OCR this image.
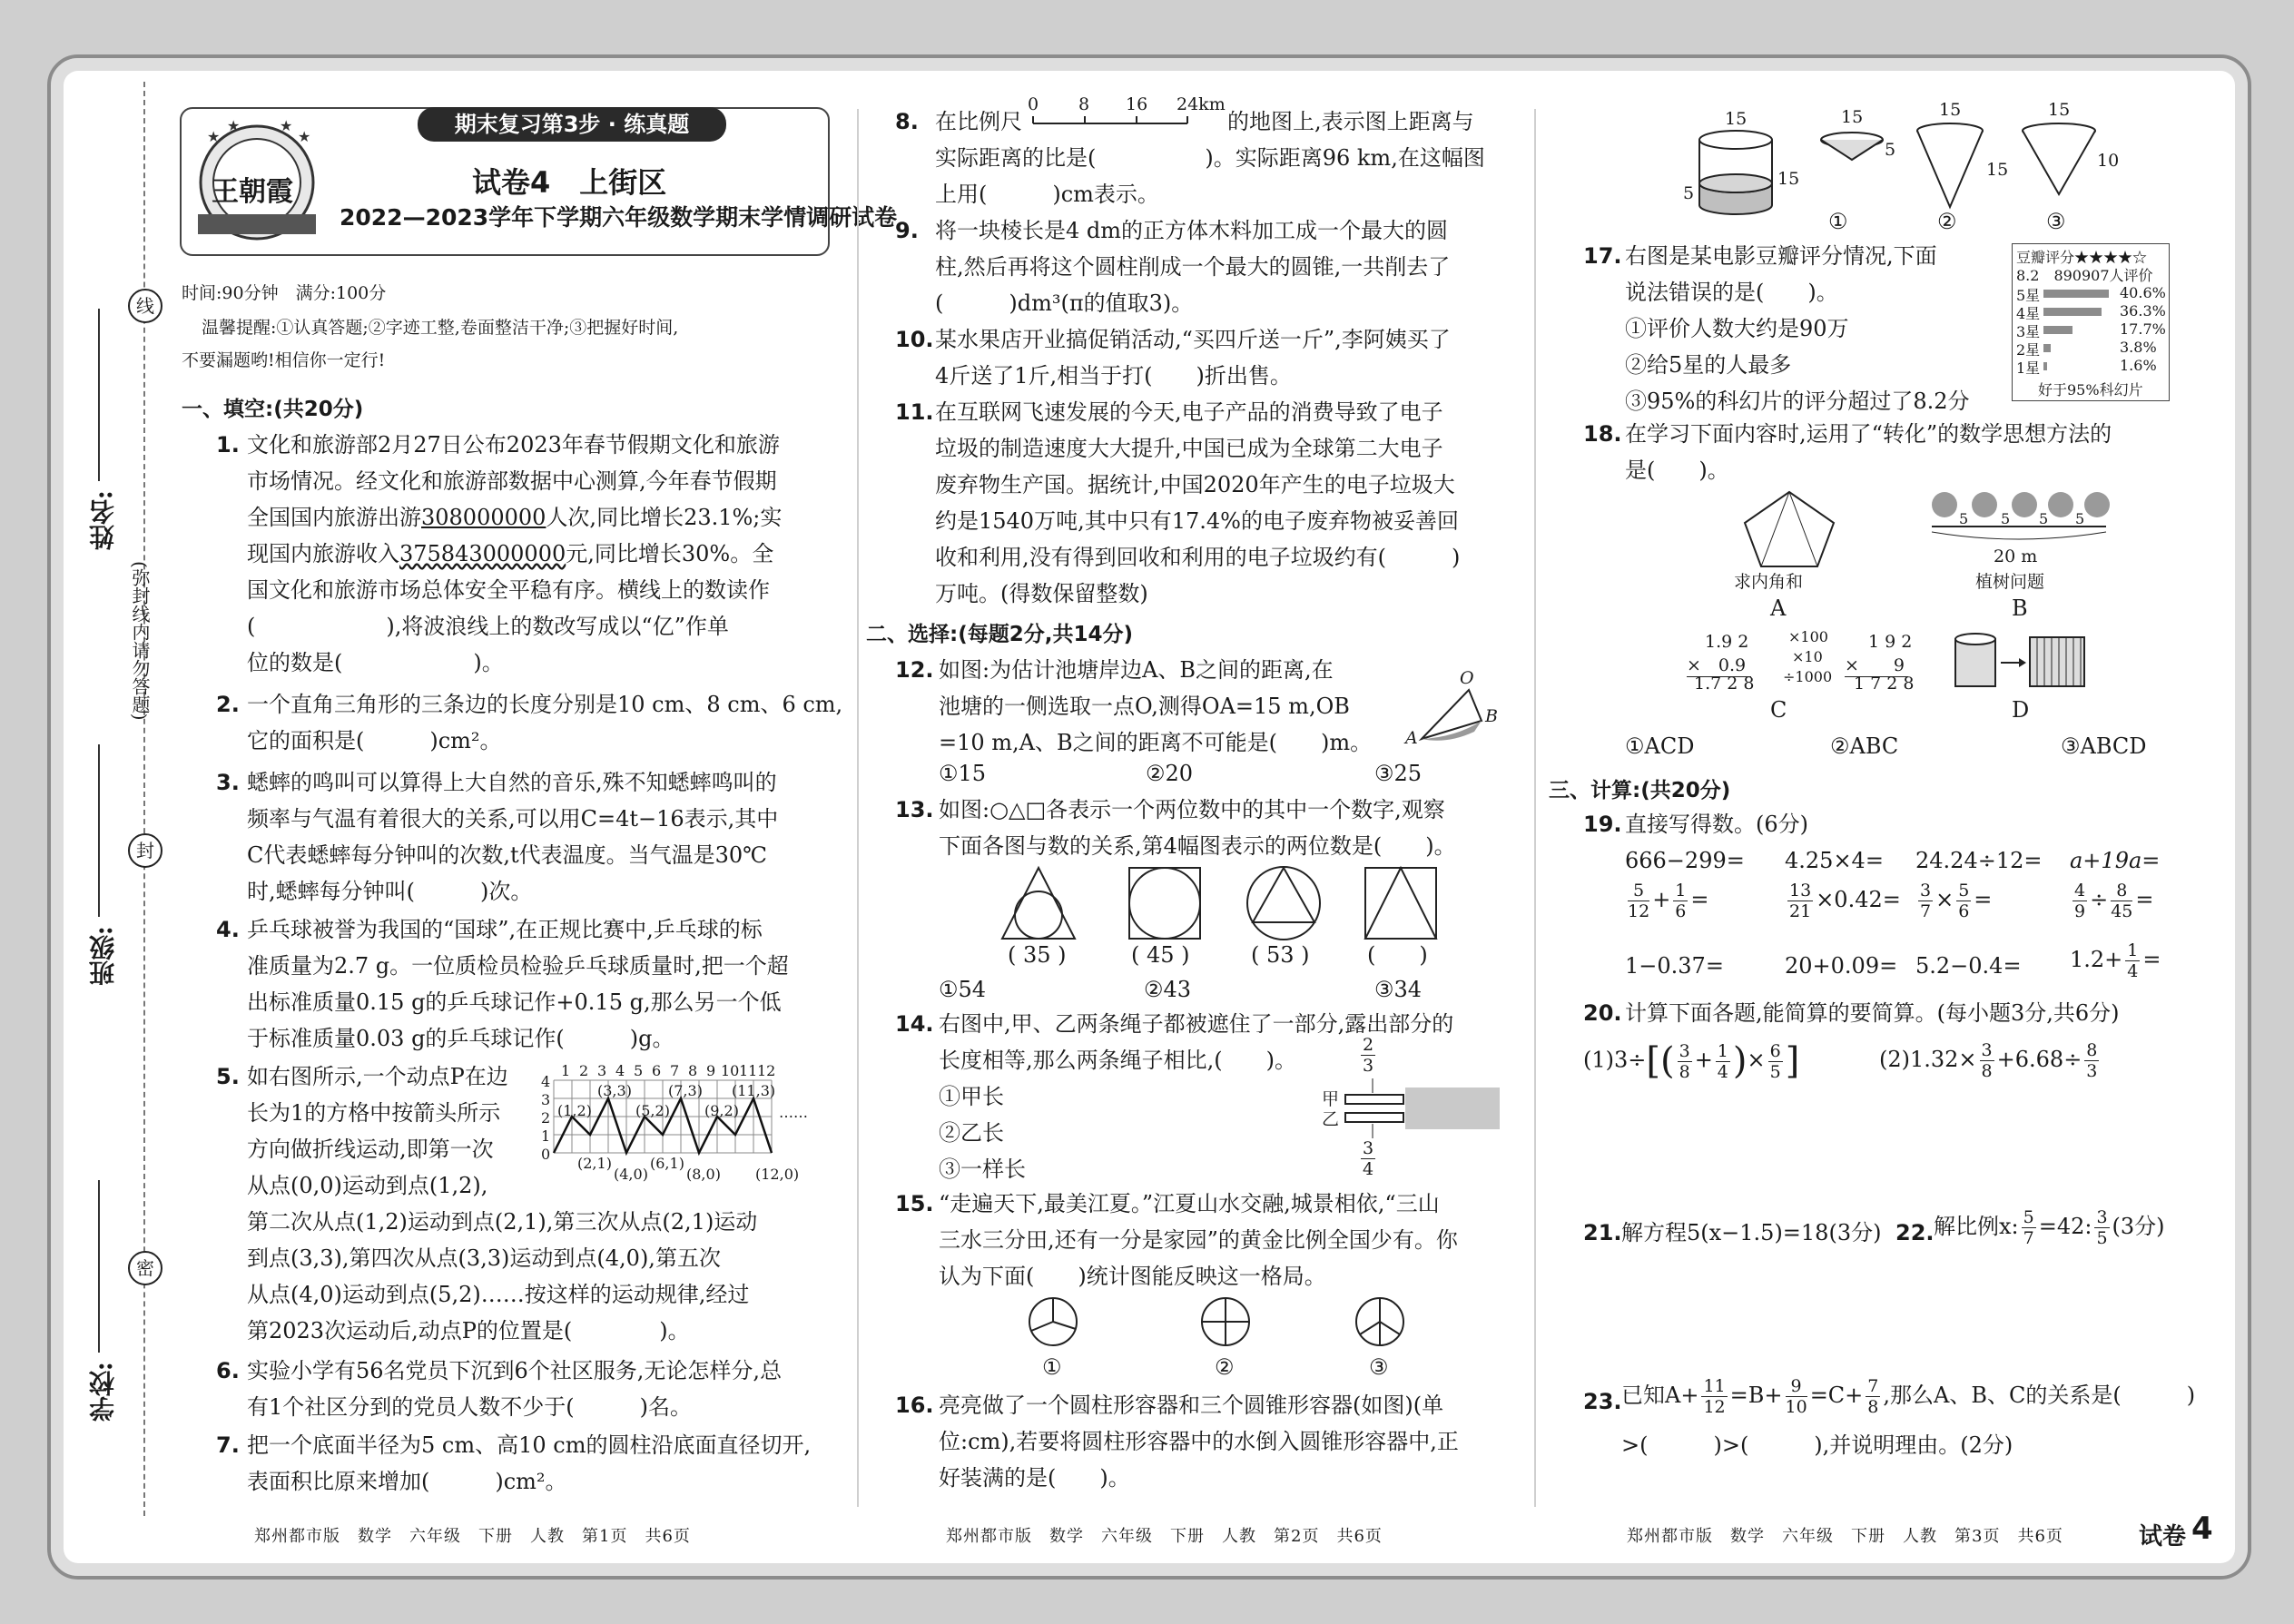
线
封
密
(弥封线内请勿答题)
姓名:
班级:
学校:
★
★	★
★
王朝霞
期末复习第3步 · 练真题
试卷4　上街区
2022—2023学年下学期六年级数学期末学情调研试卷
时间:90分钟　满分:100分
温馨提醒:①认真答题;②字迹工整,卷面整洁干净;③把握好时间,
不要漏题哟!相信你一定行!
一、填空:(共20分)
1. 文化和旅游部2月27日公布2023年春节假期文化和旅游
市场情况。经文化和旅游部数据中心测算,今年春节假期
全国国内旅游出游308000000人次,同比增长23.1%;实
现国内旅游收入375843000000元,同比增长30%。全
国文化和旅游市场总体安全平稳有序。横线上的数读作
(　　　　　　),将波浪线上的数改写成以“亿”作单
位的数是(　　　　　　)。
2. 一个直角三角形的三条边的长度分别是10 cm、8 cm、6 cm,
它的面积是(　　　)cm²。
3. 蟋蟀的鸣叫可以算得上大自然的音乐,殊不知蟋蟀鸣叫的
频率与气温有着很大的关系,可以用C=4t−16表示,其中
C代表蟋蟀每分钟叫的次数,t代表温度。当气温是30℃
时,蟋蟀每分钟叫(　　　)次。
4. 乒乓球被誉为我国的“国球”,在正规比赛中,乒乓球的标
准质量为2.7 g。一位质检员检验乒乓球质量时,把一个超
出标准质量0.15 g的乒乓球记作+0.15 g,那么另一个低
于标准质量0.03 g的乒乓球记作(　　　)g。
5. 如右图所示,一个动点P在边
长为1的方格中按箭头所示
方向做折线运动,即第一次
从点(0,0)运动到点(1,2),
第二次从点(1,2)运动到点(2,1),第三次从点(2,1)运动
到点(3,3),第四次从点(3,3)运动到点(4,0),第五次
从点(4,0)运动到点(5,2)……按这样的运动规律,经过
第2023次运动后,动点P的位置是(　　　　)。
1 2 3 4 5 6 7 8 9 10 11 12
4
3
2
1
0
(1,2)
(2,1)
(3,3)
(4,0)
(5,2)
(6,1)
(7,3)
(8,0)
(9,2)
(11,3)
(12,0)
……
6. 实验小学有56名党员下沉到6个社区服务,无论怎样分,总
有1个社区分到的党员人数不少于(　　　)名。
7. 把一个底面半径为5 cm、高10 cm的圆柱沿底面直径切开,
表面积比原来增加(　　　)cm²。
郑州都市版　数学　六年级　下册　人教　第1页　共6页
8. 在比例尺
0 8 16 24km
的地图上,表示图上距离与
实际距离的比是(　　　　　)。实际距离96 km,在这幅图
上用(　　　)cm表示。
9. 将一块棱长是4 dm的正方体木料加工成一个最大的圆
柱,然后再将这个圆柱削成一个最大的圆锥,一共削去了
(　　　)dm³(π的值取3)。
10. 某水果店开业搞促销活动,“买四斤送一斤”,李阿姨买了
4斤送了1斤,相当于打(　　)折出售。
11. 在互联网飞速发展的今天,电子产品的消费导致了电子
垃圾的制造速度大大提升,中国已成为全球第二大电子
废弃物生产国。据统计,中国2020年产生的电子垃圾大
约是1540万吨,其中只有17.4%的电子废弃物被妥善回
收和利用,没有得到回收和利用的电子垃圾约有(　　　)
万吨。(得数保留整数)
二、选择:(每题2分,共14分)
12. 如图:为估计池塘岸边A、B之间的距离,在
池塘的一侧选取一点O,测得OA=15 m,OB
=10 m,A、B之间的距离不可能是(　　)m。
①15	②20	③25
O
A
B
13. 如图:○△□各表示一个两位数中的其中一个数字,观察
下面各图与数的关系,第4幅图表示的两位数是(　　)。
( 35 )	( 45 )	( 53 )	(　　)
①54	②43	③34
14. 右图中,甲、乙两条绳子都被遮住了一部分,露出部分的
长度相等,那么两条绳子相比,(　　)。
①甲长
②乙长
③一样长
甲
乙
$\frac{2}{3}$
$\frac{3}{4}$
15. “走遍天下,最美江夏。”江夏山水交融,城景相依,“三山
三水三分田,还有一分是家园”的黄金比例全国少有。你
认为下面(　　)统计图能反映这一格局。
①	②	③
16. 亮亮做了一个圆柱形容器和三个圆锥形容器(如图)(单
位:cm),若要将圆柱形容器中的水倒入圆锥形容器中,正
好装满的是(　　)。
郑州都市版　数学　六年级　下册　人教　第2页　共6页
15
5
15
15
5
15
15
15
10
①	②	③
17. 右图是某电影豆瓣评分情况,下面
说法错误的是(　　)。
①评价人数大约是90万
②给5星的人最多
③95%的科幻片的评分超过了8.2分
豆瓣评分★★★★☆
8.2　890907人评价
5星	40.6%
4星	36.3%
3星	17.7%
2星	3.8%
1星	1.6%
好于95%科幻片
18. 在学习下面内容时,运用了“转化”的数学思想方法的
是(　　)。
求内角和
A
5 5 5 5
20 m
植树问题
B
1.9 2
×　0.9
1.7 2 8
×100
×10
÷1000
1 9 2
×　　9
1 7 2 8
C	D
①ACD	②ABC	③ABCD
三、计算:(共20分)
19. 直接写得数。(6分)
666−299= 4.25×4= 24.24÷12= a+19a=
$\frac{5}{12} + \frac{1}{6}$ =	$\frac{13}{21} \times 0.42= \frac{3}{7} \times \frac{5}{6}$ =	$\frac{4}{9} \div \frac{8}{45}$ =
1−0.37=	$20+0.09= 5.2-0.4= 1.2+ \frac{1}{4}$ =
20. 计算下面各题,能简算的要简算。(每小题3分,共6分)
$(1)3\div[( \frac{3}{8} + \frac{1}{4}$ )× $\frac{6}{5}$ ]	$(2)1.32\times \frac{3}{8} +6.68\div \frac{8}{3}$
21. 解方程5(x−1.5)=18(3分) 22. 解比例x: $\frac{5}{7} =42$: $\frac{3}{5} (3$分)
23. 已知$A+ \frac{11}{12} =B+ \frac{9}{10} =C+ \frac{7}{8}$ ,那么A、B、C的关系是(　　　)
>(　　　)>(　　　),并说明理由。(2分)
郑州都市版　数学　六年级　下册　人教　第3页　共6页	试卷 4
